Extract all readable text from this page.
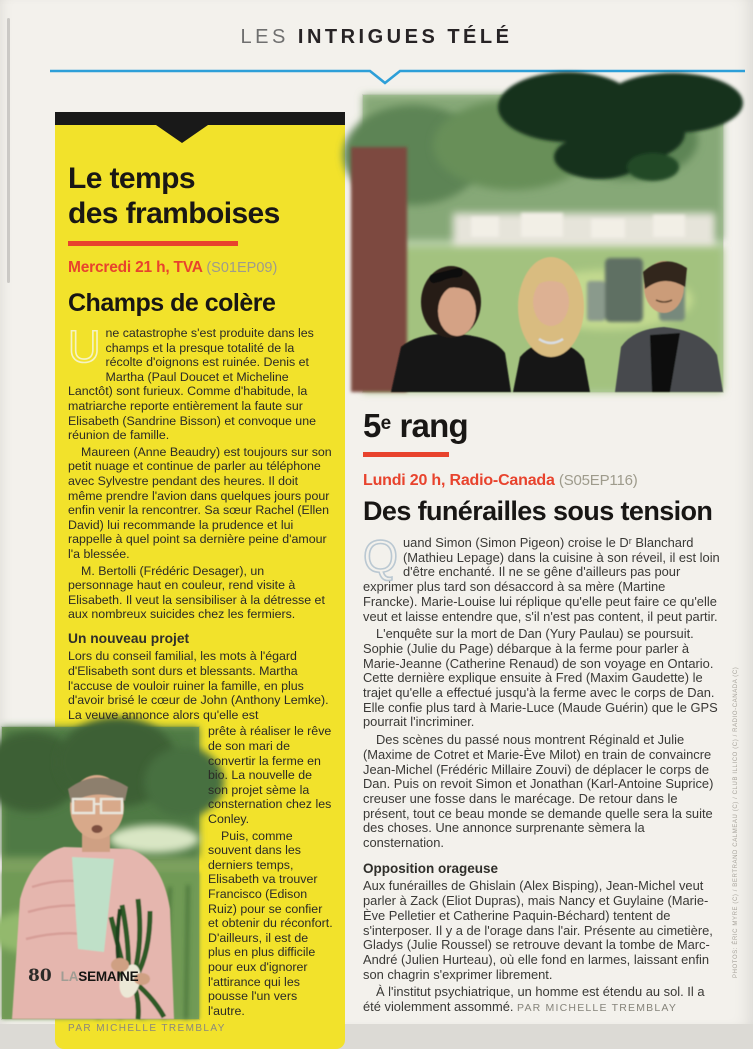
LES INTRIGUES TÉLÉ
Le temps
des framboises
Mercredi 21 h, TVA (S01EP09)
Champs de colère

Une catastrophe s'est produite dans les champs et la presque totalité de la récolte d'oignons est ruinée. Denis et Martha (Paul Doucet et Micheline Lanctôt) sont furieux. Comme d'habitude, la matriarche reporte entièrement la faute sur Elisabeth (Sandrine Bisson) et convoque une réunion de famille.

Maureen (Anne Beaudry) est toujours sur son petit nuage et continue de parler au téléphone avec Sylvestre pendant des heures. Il doit même prendre l'avion dans quelques jours pour enfin venir la rencontrer. Sa sœur Rachel (Ellen David) lui recommande la prudence et lui rappelle à quel point sa dernière peine d'amour l'a blessée.

M. Bertolli (Frédéric Desager), un personnage haut en couleur, rend visite à Elisabeth. Il veut la sensibiliser à la détresse et aux nombreux suicides chez les fermiers.

Un nouveau projet

Lors du conseil familial, les mots à l'égard d'Elisabeth sont durs et blessants. Martha l'accuse de vouloir ruiner la famille, en plus d'avoir brisé le cœur de John (Anthony Lemke). La veuve annonce alors qu'elle est

prête à réaliser le rêve de son mari de convertir la ferme en bio. La nouvelle de son projet sème la consternation chez les Conley.

Puis, comme souvent dans les derniers temps, Elisabeth va trouver Francisco (Edison Ruiz) pour se confier et obtenir du réconfort. D'ailleurs, il est de plus en plus difficile pour eux d'ignorer l'attirance qui les pousse l'un vers l'autre.

PAR MICHELLE TREMBLAY
5e rang
Lundi 20 h, Radio-Canada (S05EP116)
Des funérailles sous tension

Quand Simon (Simon Pigeon) croise le Dʳ Blanchard (Mathieu Lepage) dans la cuisine à son réveil, il est loin d'être enchanté. Il ne se gêne d'ailleurs pas pour exprimer plus tard son désaccord à sa mère (Martine Francke). Marie-Louise lui réplique qu'elle peut faire ce qu'elle veut et laisse entendre que, s'il n'est pas content, il peut partir.

L'enquête sur la mort de Dan (Yury Paulau) se poursuit. Sophie (Julie du Page) débarque à la ferme pour parler à Marie-Jeanne (Catherine Renaud) de son voyage en Ontario. Cette dernière explique ensuite à Fred (Maxim Gaudette) le trajet qu'elle a effectué jusqu'à la ferme avec le corps de Dan. Elle confie plus tard à Marie-Luce (Maude Guérin) que le GPS pourrait l'incriminer.

Des scènes du passé nous montrent Réginald et Julie (Maxime de Cotret et Marie-Ève Milot) en train de convaincre Jean-Michel (Frédéric Millaire Zouvi) de déplacer le corps de Dan. Puis on revoit Simon et Jonathan (Karl-Antoine Suprice) creuser une fosse dans le marécage. De retour dans le présent, tout ce beau monde se demande quelle sera la suite des choses. Une annonce surprenante sèmera la consternation.

Opposition orageuse

Aux funérailles de Ghislain (Alex Bisping), Jean-Michel veut parler à Zack (Eliot Dupras), mais Nancy et Guylaine (Marie-Ève Pelletier et Catherine Paquin-Béchard) tentent de s'interposer. Il y a de l'orage dans l'air. Présente au cimetière, Gladys (Julie Roussel) se retrouve devant la tombe de Marc-André (Julien Hurteau), où elle fond en larmes, laissant enfin son chagrin s'exprimer librement.

À l'institut psychiatrique, un homme est étendu au sol. Il a été violemment assommé. PAR MICHELLE TREMBLAY

80 LASEMAINE	PHOTOS: ÉRIC MYRE (C) / BERTRAND CALMEAU (C) / CLUB ILLICO (C) / RADIO-CANADA (C)
